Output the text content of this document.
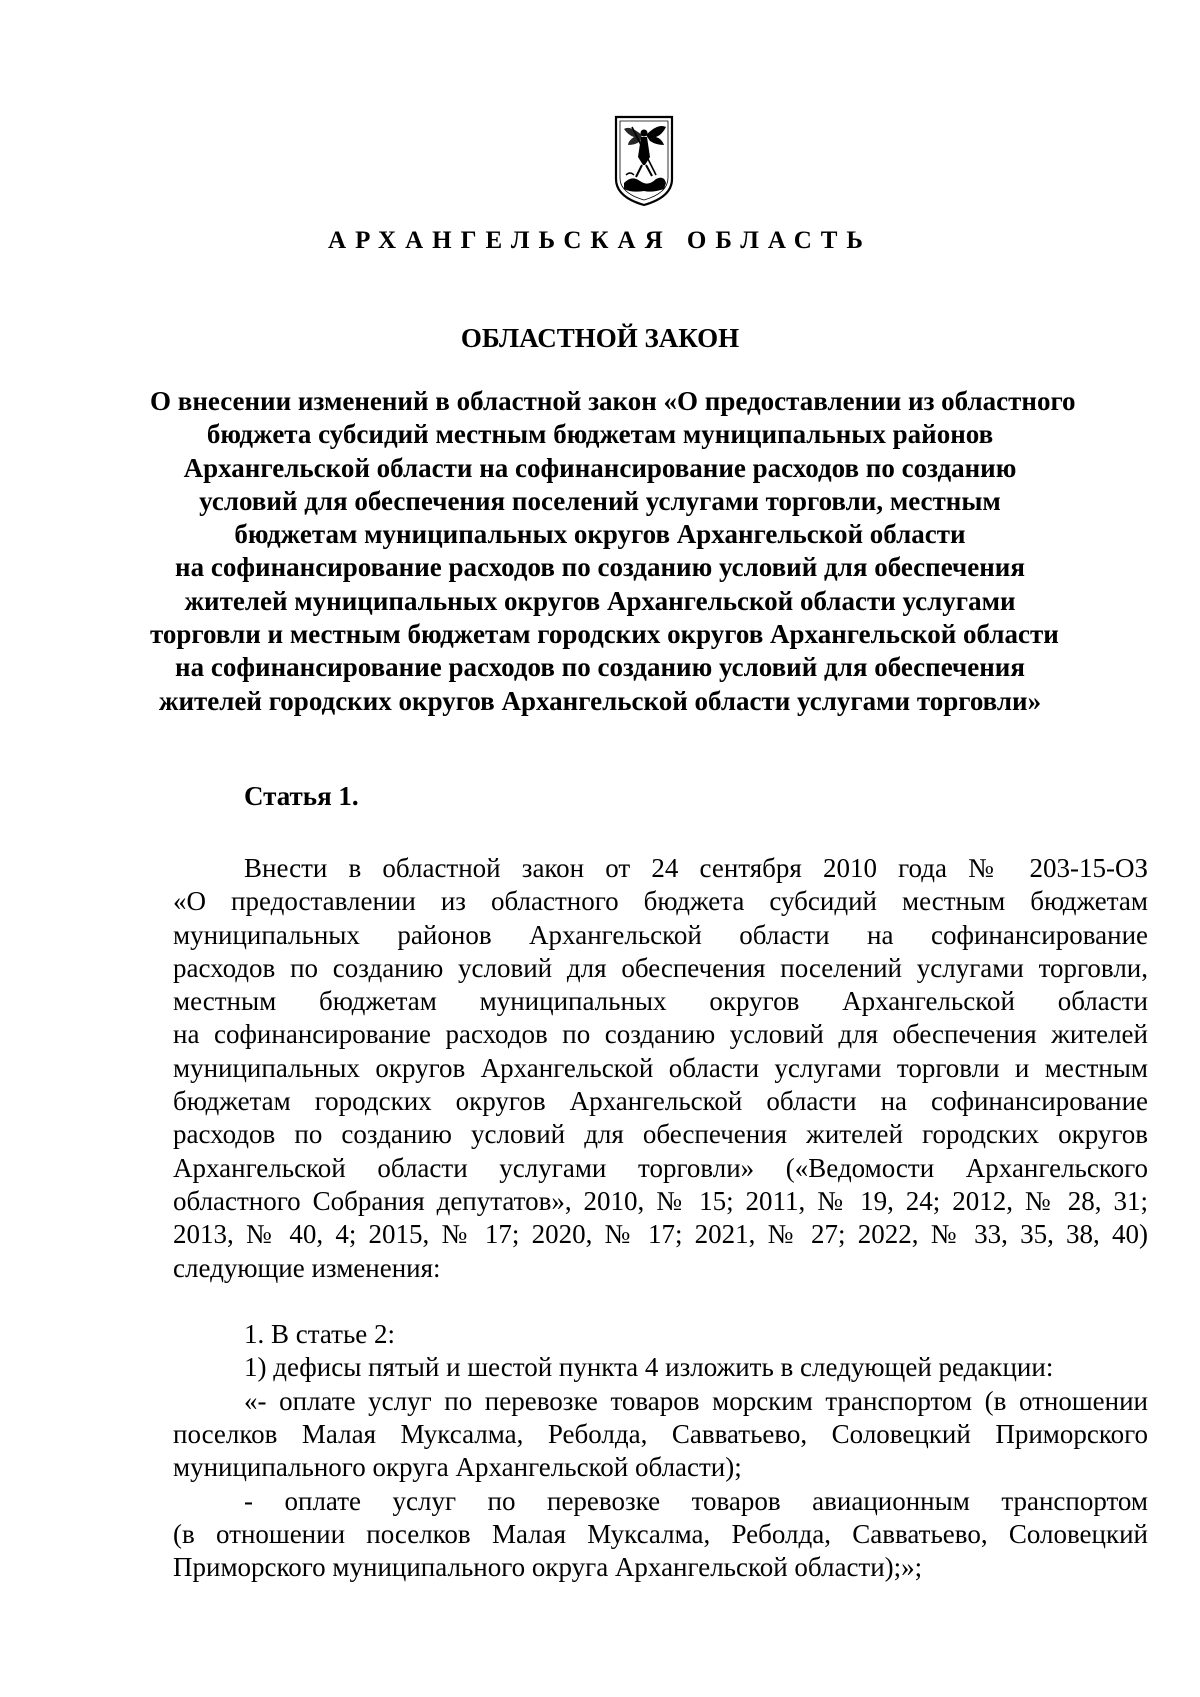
АРХАНГЕЛЬСКАЯ ОБЛАСТЬ
ОБЛАСТНОЙ ЗАКОН
О внесении изменений в областной закон «О предоставлении из областного
бюджета субсидий местным бюджетам муниципальных районов
Архангельской области на софинансирование расходов по созданию
условий для обеспечения поселений услугами торговли, местным
бюджетам муниципальных округов Архангельской области
на софинансирование расходов по созданию условий для обеспечения
жителей муниципальных округов Архангельской области услугами
торговли и местным бюджетам городских округов Архангельской области
на софинансирование расходов по созданию условий для обеспечения
жителей городских округов Архангельской области услугами торговли»
Статья 1.
Внести в областной закон от 24 сентября 2010 года № 203-15-ОЗ
«О предоставлении из областного бюджета субсидий местным бюджетам
муниципальных районов Архангельской области на софинансирование
расходов по созданию условий для обеспечения поселений услугами торговли,
местным бюджетам муниципальных округов Архангельской области
на софинансирование расходов по созданию условий для обеспечения жителей
муниципальных округов Архангельской области услугами торговли и местным
бюджетам городских округов Архангельской области на софинансирование
расходов по созданию условий для обеспечения жителей городских округов
Архангельской области услугами торговли» («Ведомости Архангельского
областного Собрания депутатов», 2010, № 15; 2011, № 19, 24; 2012, № 28, 31;
2013, № 40, 4; 2015, № 17; 2020, № 17; 2021, № 27; 2022, № 33, 35, 38, 40)
следующие изменения:
1. В статье 2:
1) дефисы пятый и шестой пункта 4 изложить в следующей редакции:
«- оплате услуг по перевозке товаров морским транспортом (в отношении
поселков Малая Муксалма, Реболда, Савватьево, Соловецкий Приморского
муниципального округа Архангельской области);
- оплате услуг по перевозке товаров авиационным транспортом
(в отношении поселков Малая Муксалма, Реболда, Савватьево, Соловецкий
Приморского муниципального округа Архангельской области);»;
